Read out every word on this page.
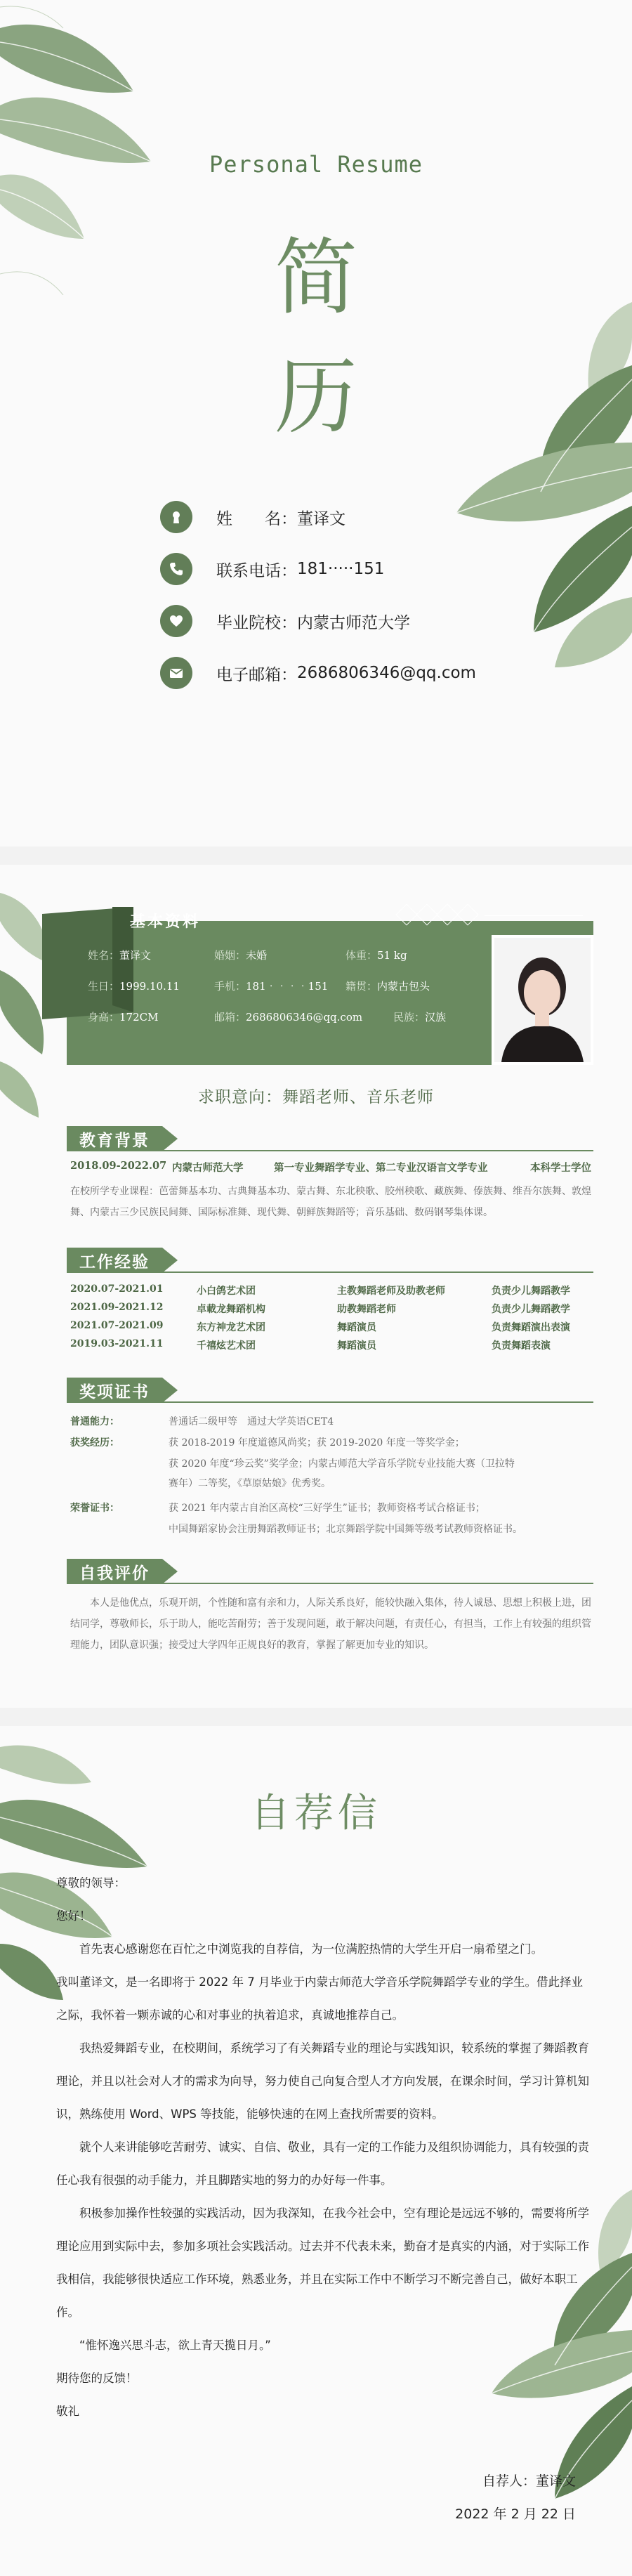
Personal Resume
简
历
姓　　名： 董译文
联系电话： 181‧‧‧‧‧151
毕业院校： 内蒙古师范大学
电子邮箱： 2686806346@qq.com
基本资料
姓名：董译文	婚姻：未婚	体重：51 kg
生日：1999.10.11	手机：181‧‧‧‧151 籍贯：内蒙古包头
身高：172CM	邮箱：2686806346@qq.com	民族：汉族
求职意向：舞蹈老师、音乐老师
教育背景
2018.09-2022.07 内蒙古师范大学	第一专业舞蹈学专业、第二专业汉语言文学专业	本科学士学位
在校所学专业课程：芭蕾舞基本功、古典舞基本功、蒙古舞、东北秧歌、胶州秧歌、藏族舞、傣族舞、维吾尔族舞、敦煌舞、内蒙古三少民族民间舞、国际标准舞、现代舞、朝鲜族舞蹈等；音乐基础、数码钢琴集体课。
工作经验
2020.07-2021.01	小白鸽艺术团	主教舞蹈老师及助教老师	负责少儿舞蹈教学
2021.09-2021.12	卓載龙舞蹈机构	助教舞蹈老师	负责少儿舞蹈教学
2021.07-2021.09	东方神龙艺术团	舞蹈演员	负责舞蹈演出表演
2019.03-2021.11	千禧炫艺术团	舞蹈演员	负责舞蹈表演
奖项证书
普通能力：	普通话二级甲等　通过大学英语CET4
获奖经历：	获 2018-2019 年度道德风尚奖；获 2019-2020 年度一等奖学金；
获 2020 年度“珍云奖”奖学金；内蒙古师范大学音乐学院专业技能大赛（卫拉特
赛年）二等奖，《草原姑娘》优秀奖。
荣誉证书：	获 2021 年内蒙古自治区高校“三好学生”证书；教师资格考试合格证书；
中国舞蹈家协会注册舞蹈教师证书；北京舞蹈学院中国舞等级考试教师资格证书。
自我评价
本人是他优点，乐观开朗，个性随和富有亲和力，人际关系良好，能较快融入集体，待人诚恳、思想上积极上进，团结同学，尊敬师长，乐于助人，能吃苦耐劳；善于发现问题，敢于解决问题，有责任心，有担当，工作上有较强的组织管理能力，团队意识强；接受过大学四年正规良好的教育，掌握了解更加专业的知识。
自荐信
尊敬的领导：
您好！
首先衷心感谢您在百忙之中浏览我的自荐信，为一位满腔热情的大学生开启一扇希望之门。
我叫董译文，是一名即将于 2022 年 7 月毕业于内蒙古师范大学音乐学院舞蹈学专业的学生。借此择业之际，我怀着一颗赤诚的心和对事业的执着追求，真诚地推荐自己。
我热爱舞蹈专业，在校期间，系统学习了有关舞蹈专业的理论与实践知识，较系统的掌握了舞蹈教育理论，并且以社会对人才的需求为向导，努力使自己向复合型人才方向发展，在课余时间，学习计算机知识，熟练使用 Word、WPS 等技能，能够快速的在网上查找所需要的资料。
就个人来讲能够吃苦耐劳、诚实、自信、敬业，具有一定的工作能力及组织协调能力，具有较强的责任心我有很强的动手能力，并且脚踏实地的努力的办好每一件事。
积极参加操作性较强的实践活动，因为我深知，在我今社会中，空有理论是远远不够的，需要将所学理论应用到实际中去，参加多项社会实践活动。过去并不代表未来，勤奋才是真实的内涵，对于实际工作我相信，我能够很快适应工作环境，熟悉业务，并且在实际工作中不断学习不断完善自己，做好本职工作。
“惟怀逸兴思斗志，欲上青天揽日月。”
期待您的反馈！
敬礼
自荐人：董译文
2022 年 2 月 22 日
